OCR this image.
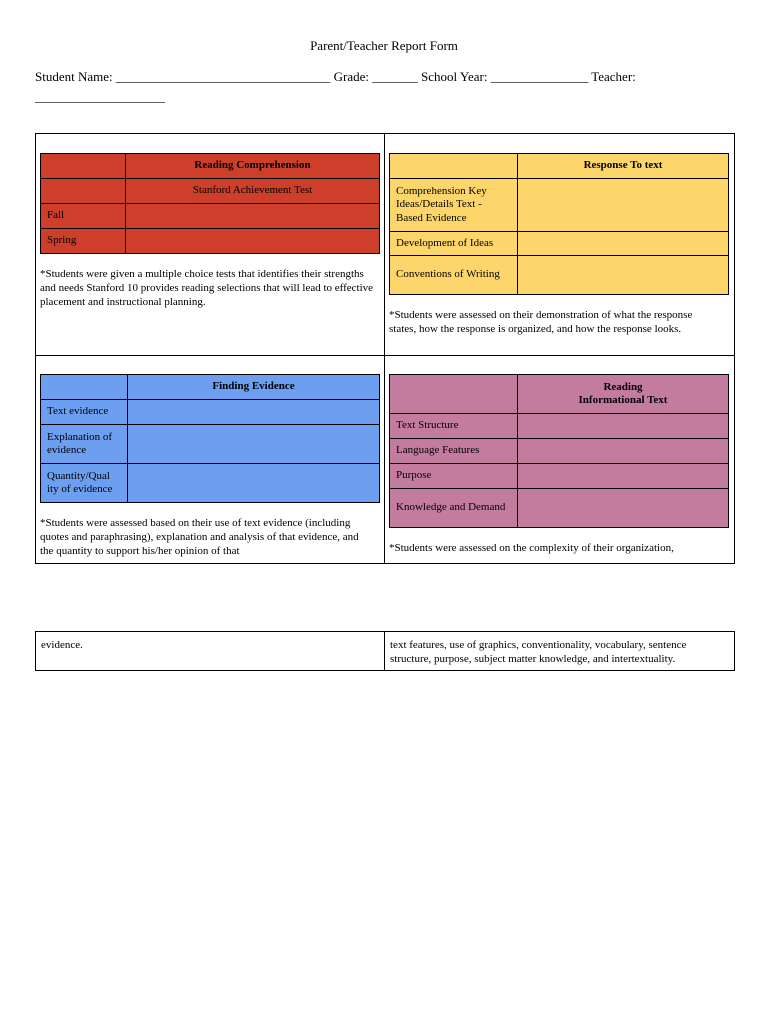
Parent/Teacher Report Form
Student Name: _________________________________ Grade: _______ School Year: _______________ Teacher:
____________________
	Reading Comprehension
	Stanford Achievement Test
Fall	
Spring	
*Students were given a multiple choice tests that identifies their strengths and needs Stanford 10 provides reading selections that will lead to effective placement and instructional planning.
	Response To text
Comprehension Key Ideas/Details Text - Based Evidence	
Development of Ideas	
Conventions of Writing	
*Students were assessed on their demonstration of what the response states, how the response is organized, and how the response looks.
	Finding Evidence
Text evidence	
Explanation of evidence	
Quantity/Qual ity of evidence	
*Students were assessed based on their use of text evidence (including quotes and paraphrasing), explanation and analysis of that evidence, and the quantity to support his/her opinion of that
	Reading
Informational Text
Text Structure	
Language Features	
Purpose	
Knowledge and Demand	
*Students were assessed on the complexity of their organization,
evidence.	text features, use of graphics, conventionality, vocabulary, sentence structure, purpose, subject matter knowledge, and intertextuality.
